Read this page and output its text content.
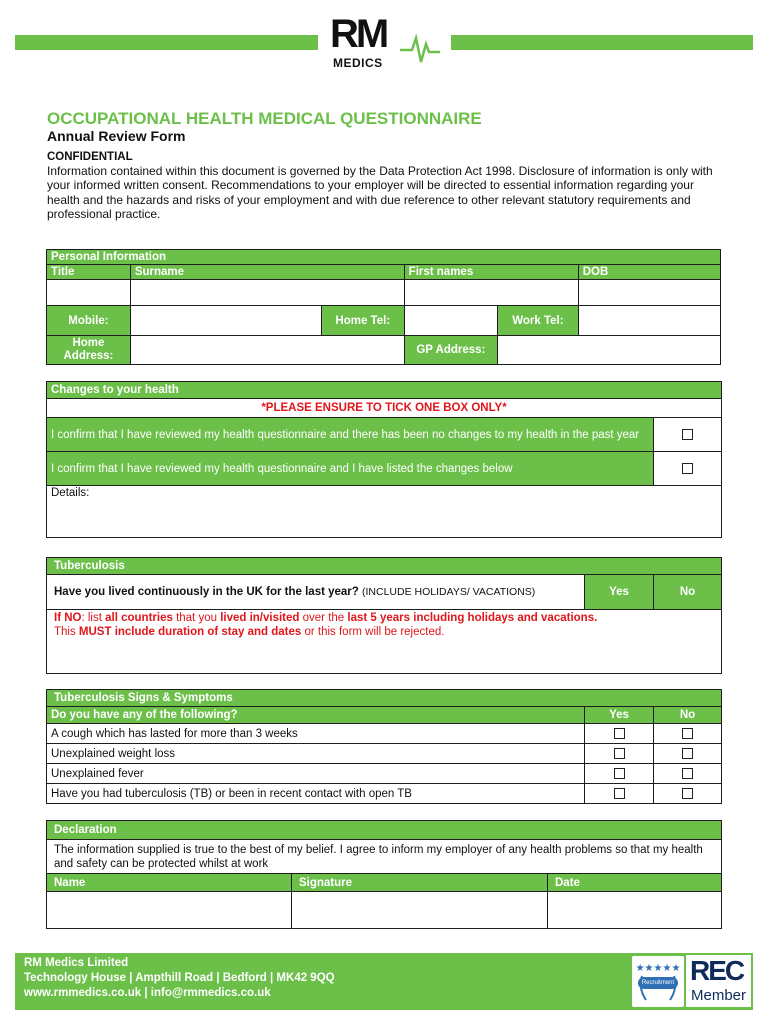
RM
MEDICS
OCCUPATIONAL HEALTH MEDICAL QUESTIONNAIRE
Annual Review Form
CONFIDENTIAL
Information contained within this document is governed by the Data Protection Act 1998. Disclosure of information is only with your informed written consent. Recommendations to your employer will be directed to essential information regarding your health and the hazards and risks of your employment and with due reference to other relevant statutory requirements and professional practice.
Personal Information					
Title	Surname		First names		DOB

Mobile:		Home Tel:		Work Tel:	
Home Address:			GP Address:		
Changes to your health	
*PLEASE ENSURE TO TICK ONE BOX ONLY*	
I confirm that I have reviewed my health questionnaire and there has been no changes to my health in the past year	
I confirm that I have reviewed my health questionnaire and I have listed the changes below	
Details:	
Tuberculosis
Have you lived continuously in the UK for the last year? (INCLUDE HOLIDAYS/ VACATIONS)	Yes	No
If NO: list all countries that you lived in/visited over the last 5 years including holidays and vacations.
This MUST include duration of stay and dates or this form will be rejected.
Tuberculosis Signs & Symptoms		
Do you have any of the following?	Yes	No
A cough which has lasted for more than 3 weeks		
Unexplained weight loss		
Unexplained fever		
Have you had tuberculosis (TB) or been in recent contact with open TB		
Declaration		
The information supplied is true to the best of my belief. I agree to inform my employer of any health problems so that my health and safety can be protected whilst at work		
Name	Signature	Date

RM Medics Limited
Technology House | Ampthill Road | Bedford | MK42 9QQ
www.rmmedics.co.uk | info@rmmedics.co.uk
★★★★★
Recruitment Standard
REC
Member
